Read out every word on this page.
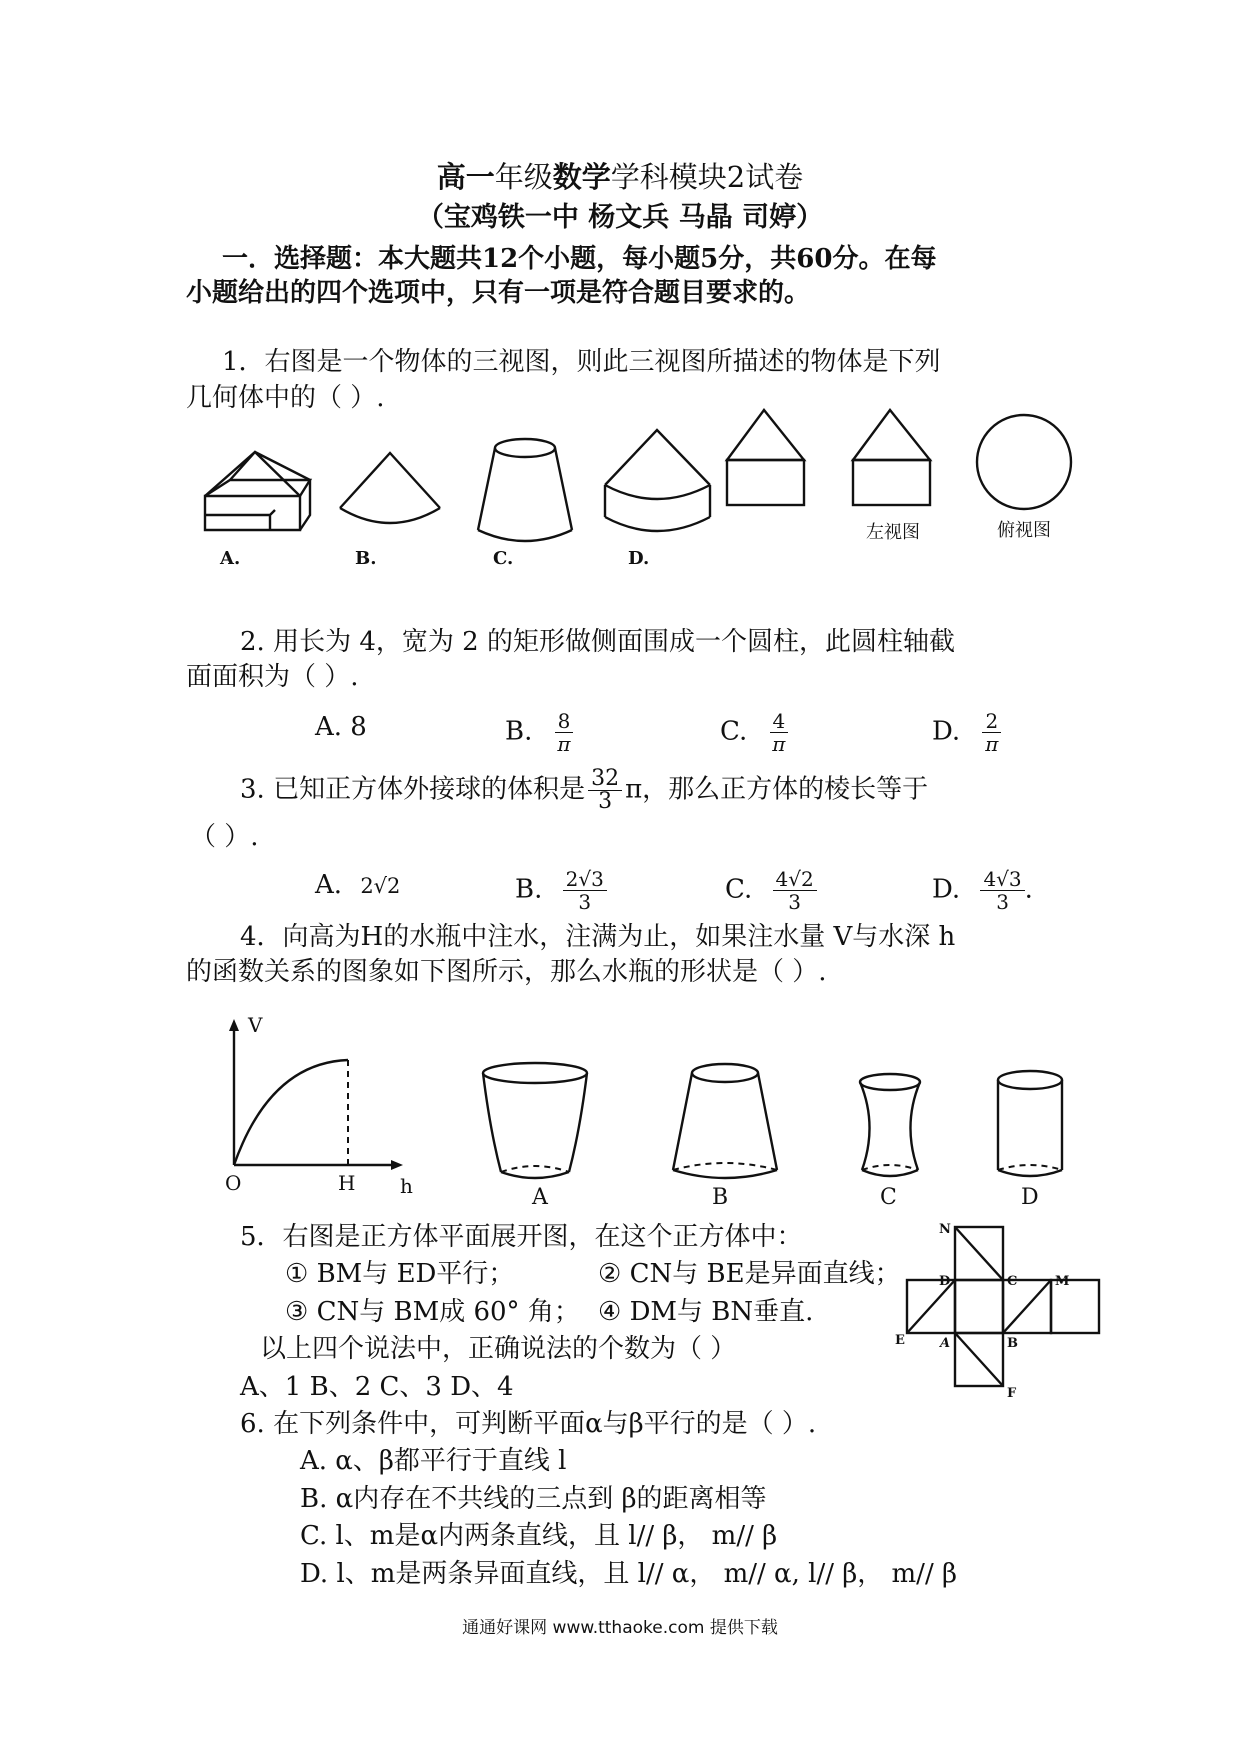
高一年级数学学科模块2试卷
（宝鸡铁一中 杨文兵 马晶 司婷）
一．选择题：本大题共12个小题，每小题5分，共60分。在每
小题给出的四个选项中，只有一项是符合题目要求的。
1．右图是一个物体的三视图，则此三视图所描述的物体是下列
几何体中的（ ）.
A.	B.	C.	D.
左视图	俯视图
2. 用长为 4，宽为 2 的矩形做侧面围成一个圆柱，此圆柱轴截
面面积为（ ）.
A. 8	B. $\frac{8}{\pi}$	C. $\frac{4}{\pi}$	D. $\frac{2}{\pi}$
3. 已知正方体外接球的体积是 $\frac{32}{3}$ π，那么正方体的棱长等于
（ ）.
A. 2√2	B. $\frac{2√3}{3}$	C. $\frac{4√2}{3}$	D. $\frac{4√3}{3}$ .
4．向高为H的水瓶中注水，注满为止，如果注水量 V与水深 h
的函数关系的图象如下图所示，那么水瓶的形状是（ ）.
V
O	H h	A	B	C	D
5．右图是正方体平面展开图，在这个正方体中：
① BM与 ED平行；	② CN与 BE是异面直线；
③ CN与 BM成 60° 角； ④ DM与 BN垂直.
以上四个说法中，正确说法的个数为（ ）
A、1 B、2 C、3 D、4
N
D	C	M
E	A	B
F
6. 在下列条件中，可判断平面α与β平行的是（ ）.
A. α、β都平行于直线 l
B. α内存在不共线的三点到 β的距离相等
C. l、m是α内两条直线，且 l// β， m// β
D. l、m是两条异面直线，且 l// α， m// α, l// β， m// β
通通好课网 www.tthaoke.com 提供下载
